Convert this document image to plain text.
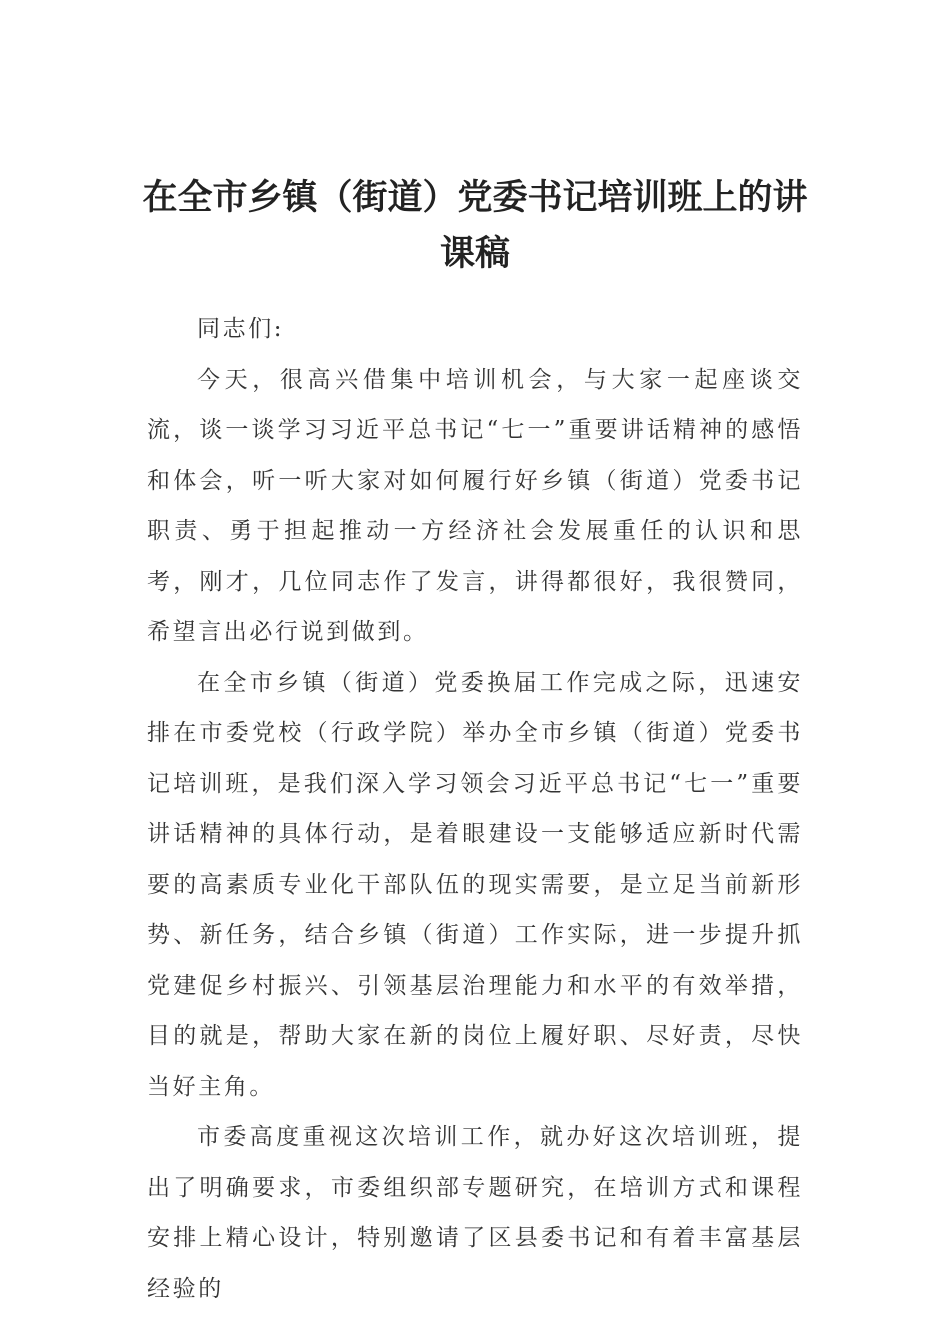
在全市乡镇（街道）党委书记培训班上的讲课稿

同志们:

今天，很高兴借集中培训机会，与大家一起座谈交流，谈一谈学习习近平总书记“七一”重要讲话精神的感悟和体会，听一听大家对如何履行好乡镇（街道）党委书记职责、勇于担起推动一方经济社会发展重任的认识和思考，刚才，几位同志作了发言，讲得都很好，我很赞同，希望言出必行说到做到。

在全市乡镇（街道）党委换届工作完成之际，迅速安排在市委党校（行政学院）举办全市乡镇（街道）党委书记培训班，是我们深入学习领会习近平总书记“七一”重要讲话精神的具体行动，是着眼建设一支能够适应新时代需要的高素质专业化干部队伍的现实需要，是立足当前新形势、新任务，结合乡镇（街道）工作实际，进一步提升抓党建促乡村振兴、引领基层治理能力和水平的有效举措，目的就是，帮助大家在新的岗位上履好职、尽好责，尽快当好主角。

市委高度重视这次培训工作，就办好这次培训班，提出了明确要求，市委组织部专题研究，在培训方式和课程安排上精心设计，特别邀请了区县委书记和有着丰富基层经验的
